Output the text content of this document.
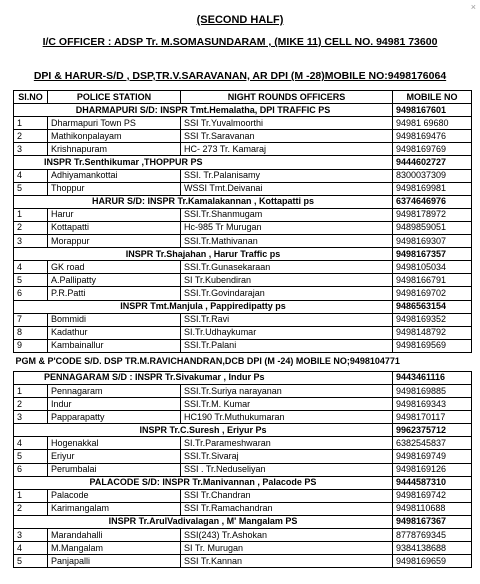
(SECOND HALF)
I/C OFFICER : ADSP Tr. M.SOMASUNDARAM , (MIKE 11) CELL NO. 94981 73600
DPI & HARUR-S/D , DSP,TR.V.SARAVANAN, AR DPI (M -28)MOBILE NO:9498176064
×
Sl.NO	POLICE STATION	NIGHT ROUNDS OFFICERS	MOBILE NO
DHARMAPURI S/D: INSPR Tmt.Hemalatha, DPI TRAFFIC PS			9498167601
1	Dharmapuri Town PS	SSI Tr.Yuvalmoorthi	94981 69680
2	Mathikonpalayam	SSI Tr.Saravanan	9498169476
3	Krishnapuram	HC- 273 Tr. Kamaraj	9498169769
INSPR Tr.Senthikumar ,THOPPUR PS			9444602727
4	Adhiyamankottai	SSI. Tr.Palanisamy	8300037309
5	Thoppur	WSSI Tmt.Deivanai	9498169981
HARUR S/D: INSPR Tr.Kamalakannan , Kottapatti ps			6374646976
1	Harur	SSI.Tr.Shanmugam	9498178972
2	Kottapatti	Hc-985 Tr Murugan	9489859051
3	Morappur	SSI.Tr.Mathivanan	9498169307
INSPR Tr.Shajahan , Harur Traffic ps			9498167357
4	GK road	SSI.Tr.Gunasekaraan	9498105034
5	A.Pallipatty	SI Tr.Kubendiran	9498166791
6	P.R.Patti	SSI.Tr.Govindarajan	9498169702
INSPR Tmt.Manjula , Pappiredipatty ps			9486563154
7	Bommidi	SSI.Tr.Ravi	9498169352
8	Kadathur	SI.Tr.Udhaykumar	9498148792
9	Kambainallur	SSI.Tr.Palani	9498169569
PGM & P'CODE S/D. DSP TR.M.RAVICHANDRAN,DCB DPI (M -24) MOBILE NO;9498104771			
PENNAGARAM S/D : INSPR Tr.Sivakumar , Indur Ps			9443461116
1	Pennagaram	SSI.Tr.Suriya narayanan	9498169885
2	Indur	SSI.Tr.M. Kumar	9498169343
3	Papparapatty	HC190 Tr.Muthukumaran	9498170117
INSPR Tr.C.Suresh , Eriyur Ps			9962375712
4	Hogenakkal	SI.Tr.Parameshwaran	6382545837
5	Eriyur	SSI.Tr.Sivaraj	9498169749
6	Perumbalai	SSI . Tr.Neduseliyan	9498169126
PALACODE S/D: INSPR Tr.Manivannan , Palacode PS			9444587310
1	Palacode	SSI Tr.Chandran	9498169742
2	Karimangalam	SSI Tr.Ramachandran	9498110688
INSPR Tr.ArulVadivalagan , M' Mangalam PS			9498167367
3	Marandahalli	SSI(243) Tr.Ashokan	8778769345
4	M.Mangalam	SI Tr. Murugan	9384138688
5	Panjapalli	SSI Tr.Kannan	9498169659
